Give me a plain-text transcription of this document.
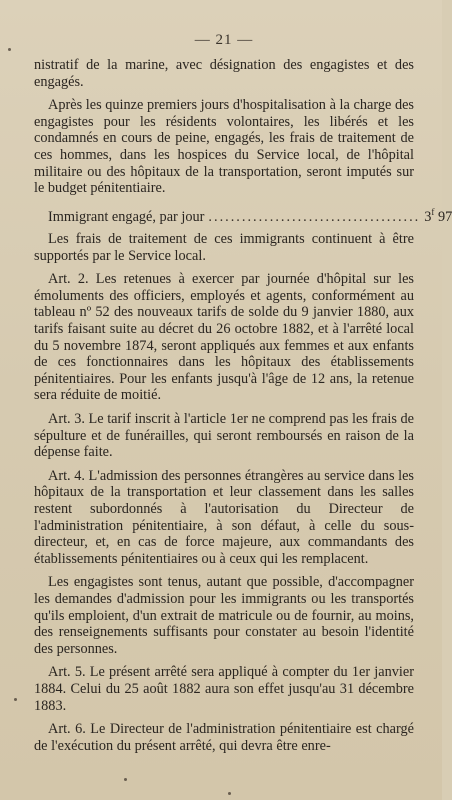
— 21 —

nistratif de la marine, avec désignation des engagistes et des engagés.

Après les quinze premiers jours d'hospitalisation à la charge des engagistes pour les résidents volontaires, les libérés et les condamnés en cours de peine, engagés, les frais de traitement de ces hommes, dans les hospices du Service local, de l'hôpital militaire ou des hôpitaux de la transportation, seront imputés sur le budget pénitentiaire.

Immigrant engagé, par jour ...................................... 3$^f$ 97

Les frais de traitement de ces immigrants continuent à être supportés par le Service local.

Art. 2. Les retenues à exercer par journée d'hôpital sur les émoluments des officiers, employés et agents, conformément au tableau nº 52 des nouveaux tarifs de solde du 9 janvier 1880, aux tarifs faisant suite au décret du 26 octobre 1882, et à l'arrêté local du 5 novembre 1874, seront appliqués aux femmes et aux enfants de ces fonctionnaires dans les hôpitaux des établissements pénitentiaires. Pour les enfants jusqu'à l'âge de 12 ans, la retenue sera réduite de moitié.

Art. 3. Le tarif inscrit à l'article 1er ne comprend pas les frais de sépulture et de funérailles, qui seront remboursés en raison de la dépense faite.

Art. 4. L'admission des personnes étrangères au service dans les hôpitaux de la transportation et leur classement dans les salles restent subordonnés à l'autorisation du Directeur de l'administration pénitentiaire, à son défaut, à celle du sous-directeur, et, en cas de force majeure, aux commandants des établissements pénitentiaires ou à ceux qui les remplacent.

Les engagistes sont tenus, autant que possible, d'accompagner les demandes d'admission pour les immigrants ou les transportés qu'ils emploient, d'un extrait de matricule ou de fournir, au moins, des renseignements suffisants pour constater au besoin l'identité des personnes.

Art. 5. Le présent arrêté sera appliqué à compter du 1er janvier 1884. Celui du 25 août 1882 aura son effet jusqu'au 31 décembre 1883.

Art. 6. Le Directeur de l'administration pénitentiaire est chargé de l'exécution du présent arrêté, qui devra être enre-
